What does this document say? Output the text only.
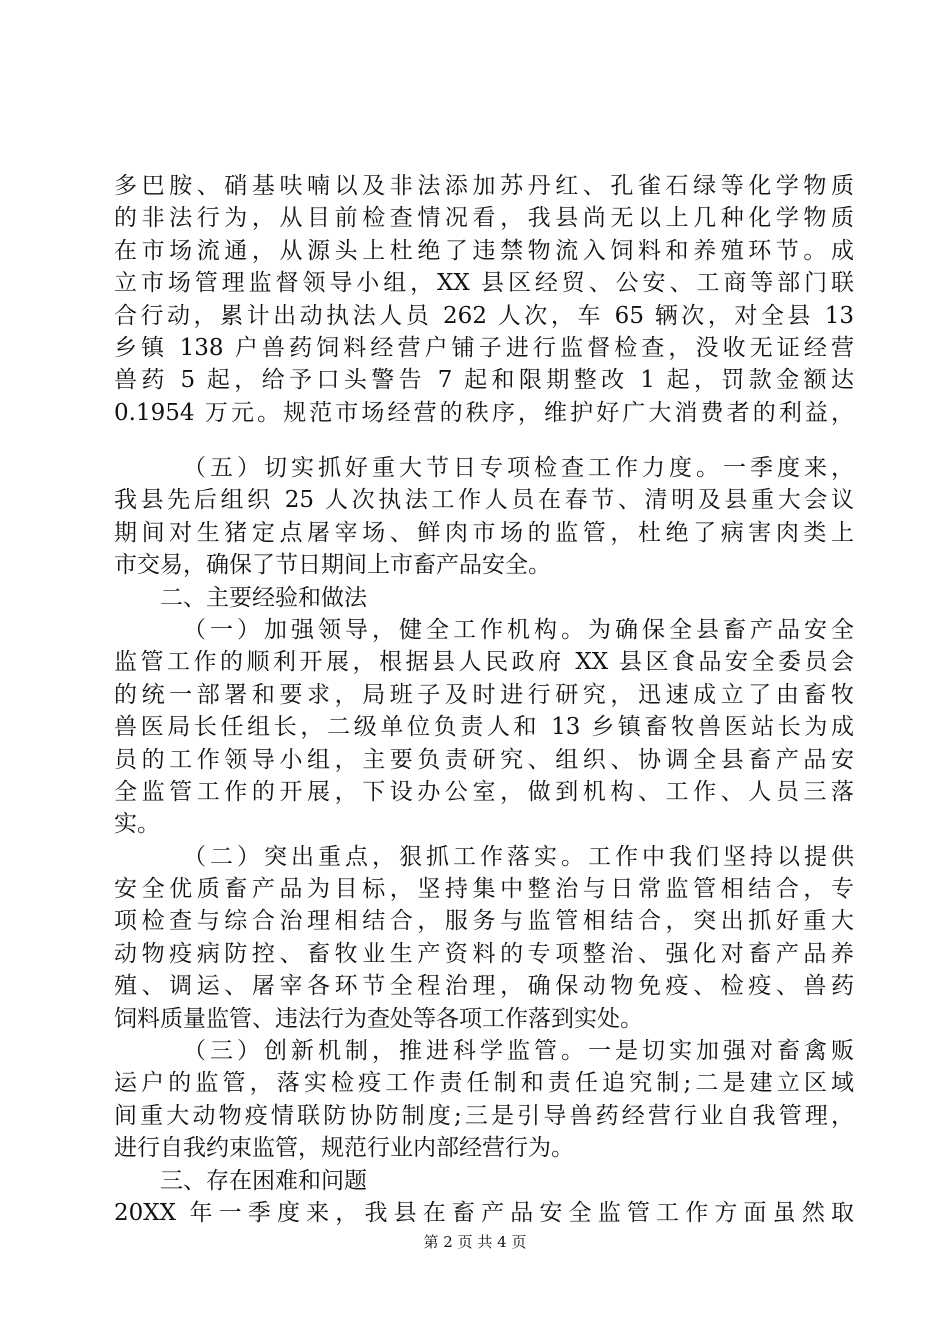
多巴胺、硝基呋喃以及非法添加苏丹红、孔雀石绿等化学物质
的非法行为，从目前检查情况看，我县尚无以上几种化学物质
在市场流通，从源头上杜绝了违禁物流入饲料和养殖环节。成
立市场管理监督领导小组，XX 县区经贸、公安、工商等部门联
合行动，累计出动执法人员 262 人次，车 65 辆次，对全县 13
乡镇 138 户兽药饲料经营户铺子进行监督检查，没收无证经营
兽药 5 起，给予口头警告 7 起和限期整改 1 起，罚款金额达
0.1954 万元。规范市场经营的秩序，维护好广大消费者的利益，
（五）切实抓好重大节日专项检查工作力度。一季度来，
我县先后组织 25 人次执法工作人员在春节、清明及县重大会议
期间对生猪定点屠宰场、鲜肉市场的监管，杜绝了病害肉类上
市交易，确保了节日期间上市畜产品安全。
二、主要经验和做法
（一）加强领导，健全工作机构。为确保全县畜产品安全
监管工作的顺利开展，根据县人民政府 XX 县区食品安全委员会
的统一部署和要求，局班子及时进行研究，迅速成立了由畜牧
兽医局长任组长，二级单位负责人和 13 乡镇畜牧兽医站长为成
员的工作领导小组，主要负责研究、组织、协调全县畜产品安
全监管工作的开展，下设办公室，做到机构、工作、人员三落
实。
（二）突出重点，狠抓工作落实。工作中我们坚持以提供
安全优质畜产品为目标，坚持集中整治与日常监管相结合，专
项检查与综合治理相结合，服务与监管相结合，突出抓好重大
动物疫病防控、畜牧业生产资料的专项整治、强化对畜产品养
殖、调运、屠宰各环节全程治理，确保动物免疫、检疫、兽药
饲料质量监管、违法行为查处等各项工作落到实处。
（三）创新机制，推进科学监管。一是切实加强对畜禽贩
运户的监管，落实检疫工作责任制和责任追究制;二是建立区域
间重大动物疫情联防协防制度;三是引导兽药经营行业自我管理，
进行自我约束监管，规范行业内部经营行为。
三、存在困难和问题
20XX 年一季度来，我县在畜产品安全监管工作方面虽然取
第 2 页 共 4 页
